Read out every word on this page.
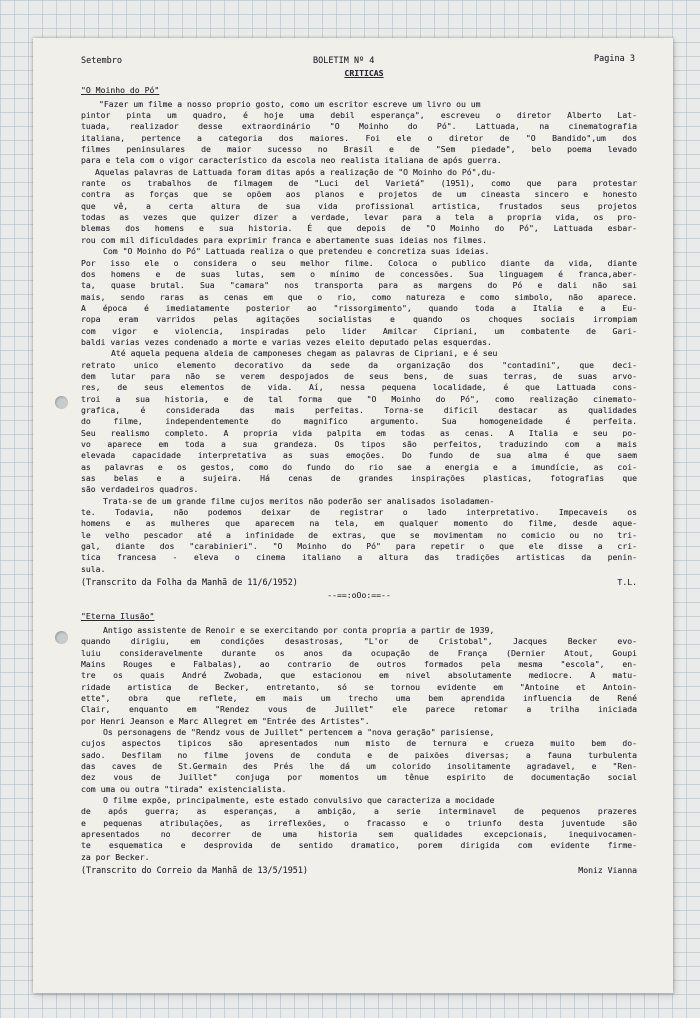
Setembro	BOLETIM Nº 4	Pagina 3
CRITICAS
"O Moinho do Pó"
"Fazer um filme a nosso proprio gosto, como um escritor escreve um livro ou um
pintor pinta um quadro, é hoje uma debil esperança", escreveu o diretor Alberto Lat-
tuada, realizador desse extraordinário "O Moinho do Pó". Lattuada, na cinematografia
italiana, pertence a categoria dos maiores. Foi ele o diretor de "O Bandido",um dos
filmes peninsulares de maior sucesso no Brasil e de "Sem piedade", belo poema levado
para e tela com o vigor característico da escola neo realista italiana de após guerra.
Aquelas palavras de Lattuada foram ditas após a realização de "O Moinho do Pó",du-
rante os trabalhos de filmagem de "Luci del Varietá" (1951), como que para protestar
contra as forças que se opõem aos planos e projetos de um cineasta sincero e honesto
que vê, a certa altura de sua vida profissional artistica, frustados seus projetos
todas as vezes que quizer dizer a verdade, levar para a tela a propria vida, os pro-
blemas dos homens e sua historia. É que depois de "O Moinho do Pó", Lattuada esbar-
rou com mil dificuldades para exprimir franca e abertamente suas ideias nos filmes.
Com "O Moinho do Pó" Lattuada realiza o que pretendeu e concretiza suas ideias.
Por isso ele o considera o seu melhor filme. Coloca o publico diante da vida, diante
dos homens e de suas lutas, sem o mínimo de concessões. Sua linguagem é franca,aber-
ta, quase brutal. Sua "camara" nos transporta para as margens do Pó e dali não sai
mais, sendo raras as cenas em que o rio, como natureza e como simbolo, não aparece.
A época é imediatamente posterior ao "rissorgimento", quando toda a Italia e a Eu-
ropa eram varridos pelas agitações socialistas e quando os choques sociais irrompiam
com vigor e violencia, inspiradas pelo lider Amilcar Cipriani, um combatente de Gari-
baldi varias vezes condenado a morte e varias vezes eleito deputado pelas esquerdas.
Até aquela pequena aldeia de camponeses chegam as palavras de Cipriani, e é seu
retrato unico elemento decorativo da sede da organização dos "contadini", que deci-
dem lutar para não se verem despojados de seus bens, de suas terras, de suas arvo-
res, de seus elementos de vida. Aí, nessa pequena localidade, é que Lattuada cons-
troi a sua historia, e de tal forma que "O Moinho do Pó", como realização cinemato-
grafica, é considerada das mais perfeitas. Torna-se dificil destacar as qualidades
do filme, independentemente do magnifico argumento. Sua homogeneidade é perfeita.
Seu realismo completo. A propria vida palpita em todas as cenas. A Italia e seu po-
vo aparece em toda a sua grandeza. Os tipos são perfeitos, traduzindo com a mais
elevada capacidade interpretativa as suas emoções. Do fundo de sua alma é que saem
as palavras e os gestos, como do fundo do rio sae a energia e a imundície, as coi-
sas belas e a sujeira. Há cenas de grandes inspirações plasticas, fotografias que
são verdadeiros quadros.
Trata-se de um grande filme cujos meritos não poderão ser analisados isoladamen-
te. Todavia, não podemos deixar de registrar o lado interpretativo. Impecaveis os
homens e as mulheres que aparecem na tela, em qualquer momento do filme, desde aque-
le velho pescador até a infinidade de extras, que se movimentam no comicio ou no tri-
gal, diante dos "carabinieri". "O Moinho do Pó" para repetir o que ele disse a cri-
tica francesa - eleva o cinema italiano a altura das tradições artisticas da penin-
sula.
(Transcrito da Folha da Manhã de 11/6/1952)	T.L.
--==:oOo:==--
"Eterna Ilusão"
Antigo assistente de Renoir e se exercitando por conta propria a partir de 1939,
quando dirigiu, em condições desastrosas, "L'or de Cristobal", Jacques Becker evo-
luiu consideravelmente durante os anos da ocupação de França (Dernier Atout, Goupi
Mains Rouges e Falbalas), ao contrario de outros formados pela mesma "escola", en-
tre os quais André Zwobada, que estacionou em nivel absolutamente mediocre. A matu-
ridade artistica de Becker, entretanto, só se tornou evidente em "Antoine et Antoin-
ette", obra que reflete, em mais um trecho uma bem aprendida influencia de René
Clair, enquanto em "Rendez vous de Juillet" ele parece retomar a trilha iniciada
por Henri Jeanson e Marc Allegret em "Entrée des Artistes".
Os personagens de "Rendz vous de Juillet" pertencem a "nova geração" parisiense,
cujos aspectos tipicos são apresentados num misto de ternura e crueza muito bem do-
sado. Desfilam no filme jovens de conduta e de paixões diversas; a fauna turbulenta
das caves de St.Germain des Prés lhe dá um colorido insolitamente agradavel, e "Ren-
dez vous de Juillet" conjuga por momentos um tênue espirito de documentação social
com uma ou outra "tirada" existencialista.
O filme expõe, principalmente, este estado convulsivo que caracteriza a mocidade
de após guerra; as esperanças, a ambição, a serie interminavel de pequenos prazeres
e pequenas atribulações, as irreflexões, o fracasso e o triunfo desta juventude são
apresentados no decorrer de uma historia sem qualidades excepcionais, inequivocamen-
te esquematica e desprovida de sentido dramatico, porem dirigida com evidente firme-
za por Becker.
(Transcrito do Correio da Manhã de 13/5/1951)	Moniz Vianna
